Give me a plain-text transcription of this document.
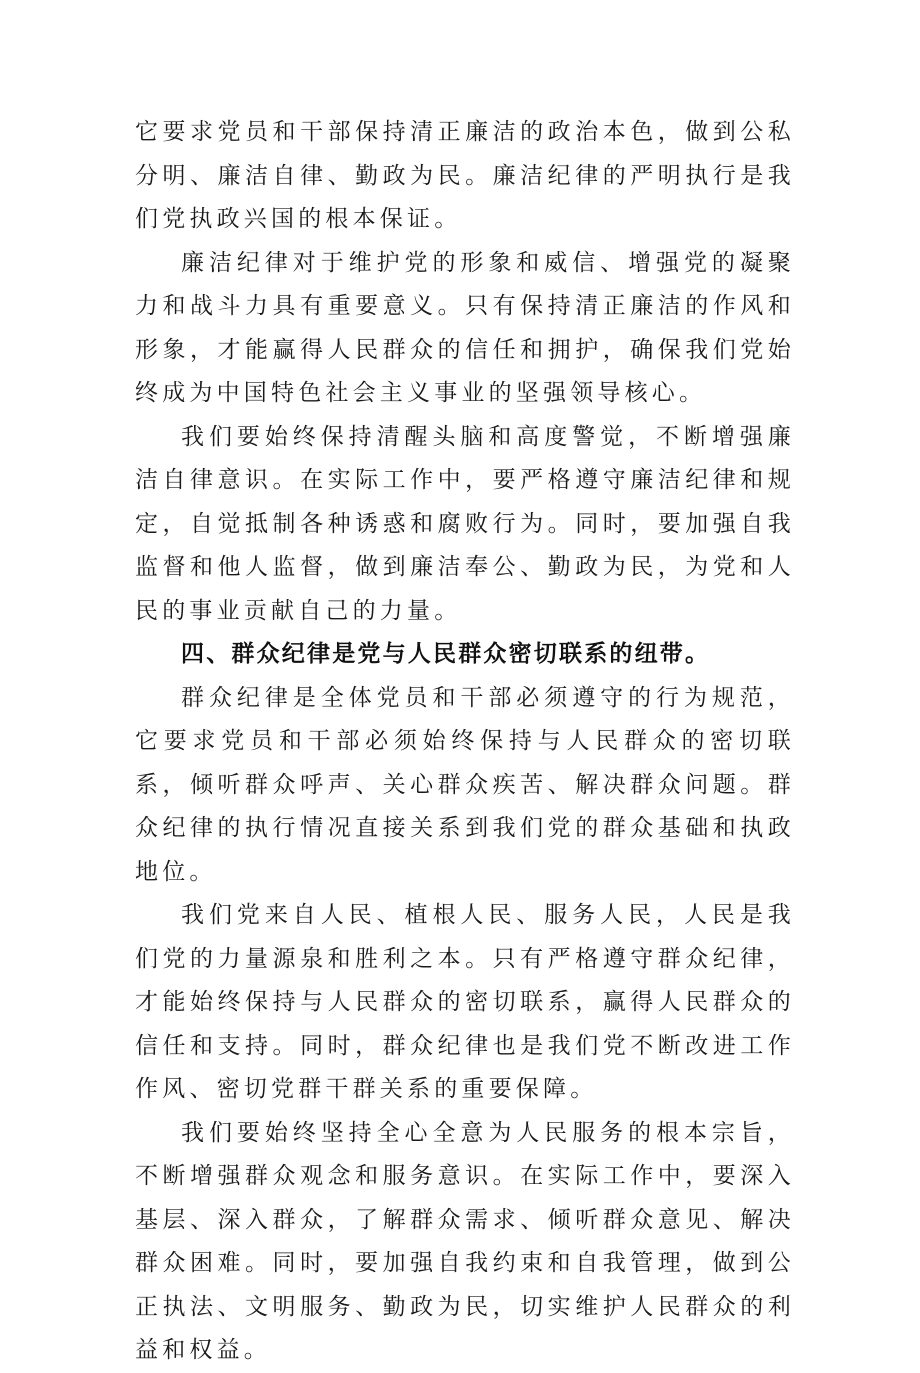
它要求党员和干部保持清正廉洁的政治本色，做到公私分明、廉洁自律、勤政为民。廉洁纪律的严明执行是我们党执政兴国的根本保证。

廉洁纪律对于维护党的形象和威信、增强党的凝聚力和战斗力具有重要意义。只有保持清正廉洁的作风和形象，才能赢得人民群众的信任和拥护，确保我们党始终成为中国特色社会主义事业的坚强领导核心。

我们要始终保持清醒头脑和高度警觉，不断增强廉洁自律意识。在实际工作中，要严格遵守廉洁纪律和规定，自觉抵制各种诱惑和腐败行为。同时，要加强自我监督和他人监督，做到廉洁奉公、勤政为民，为党和人民的事业贡献自己的力量。

四、群众纪律是党与人民群众密切联系的纽带。

群众纪律是全体党员和干部必须遵守的行为规范，它要求党员和干部必须始终保持与人民群众的密切联系，倾听群众呼声、关心群众疾苦、解决群众问题。群众纪律的执行情况直接关系到我们党的群众基础和执政地位。

我们党来自人民、植根人民、服务人民，人民是我们党的力量源泉和胜利之本。只有严格遵守群众纪律，才能始终保持与人民群众的密切联系，赢得人民群众的信任和支持。同时，群众纪律也是我们党不断改进工作作风、密切党群干群关系的重要保障。

我们要始终坚持全心全意为人民服务的根本宗旨，不断增强群众观念和服务意识。在实际工作中，要深入基层、深入群众，了解群众需求、倾听群众意见、解决群众困难。同时，要加强自我约束和自我管理，做到公正执法、文明服务、勤政为民，切实维护人民群众的利益和权益。
